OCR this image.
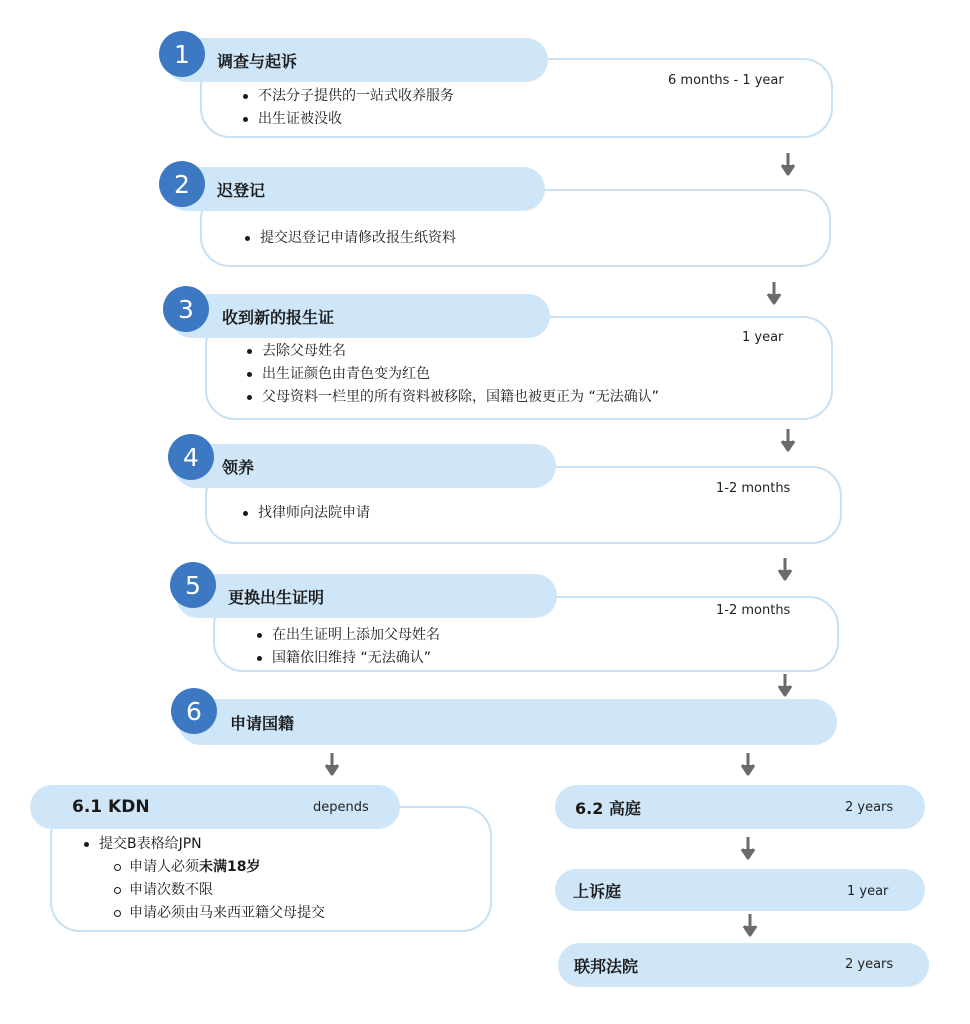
调查与起诉
1
6 months - 1 year
不法分子提供的一站式收养服务
出生证被没收
迟登记
2
提交迟登记申请修改报生纸资料
收到新的报生证
3
1 year
去除父母姓名
出生证颜色由青色变为红色
父母资料一栏里的所有资料被移除，国籍也被更正为 “无法确认”
领养
4
1-2 months
找律师向法院申请
更换出生证明
5
1-2 months
在出生证明上添加父母姓名
国籍依旧维持 “无法确认”
申请国籍
6
6.1 KDN	depends
提交B表格给JPN
申请人必须未满18岁
申请次数不限
申请必须由马来西亚籍父母提交
6.2 高庭	2 years
上诉庭	1 year
联邦法院	2 years
